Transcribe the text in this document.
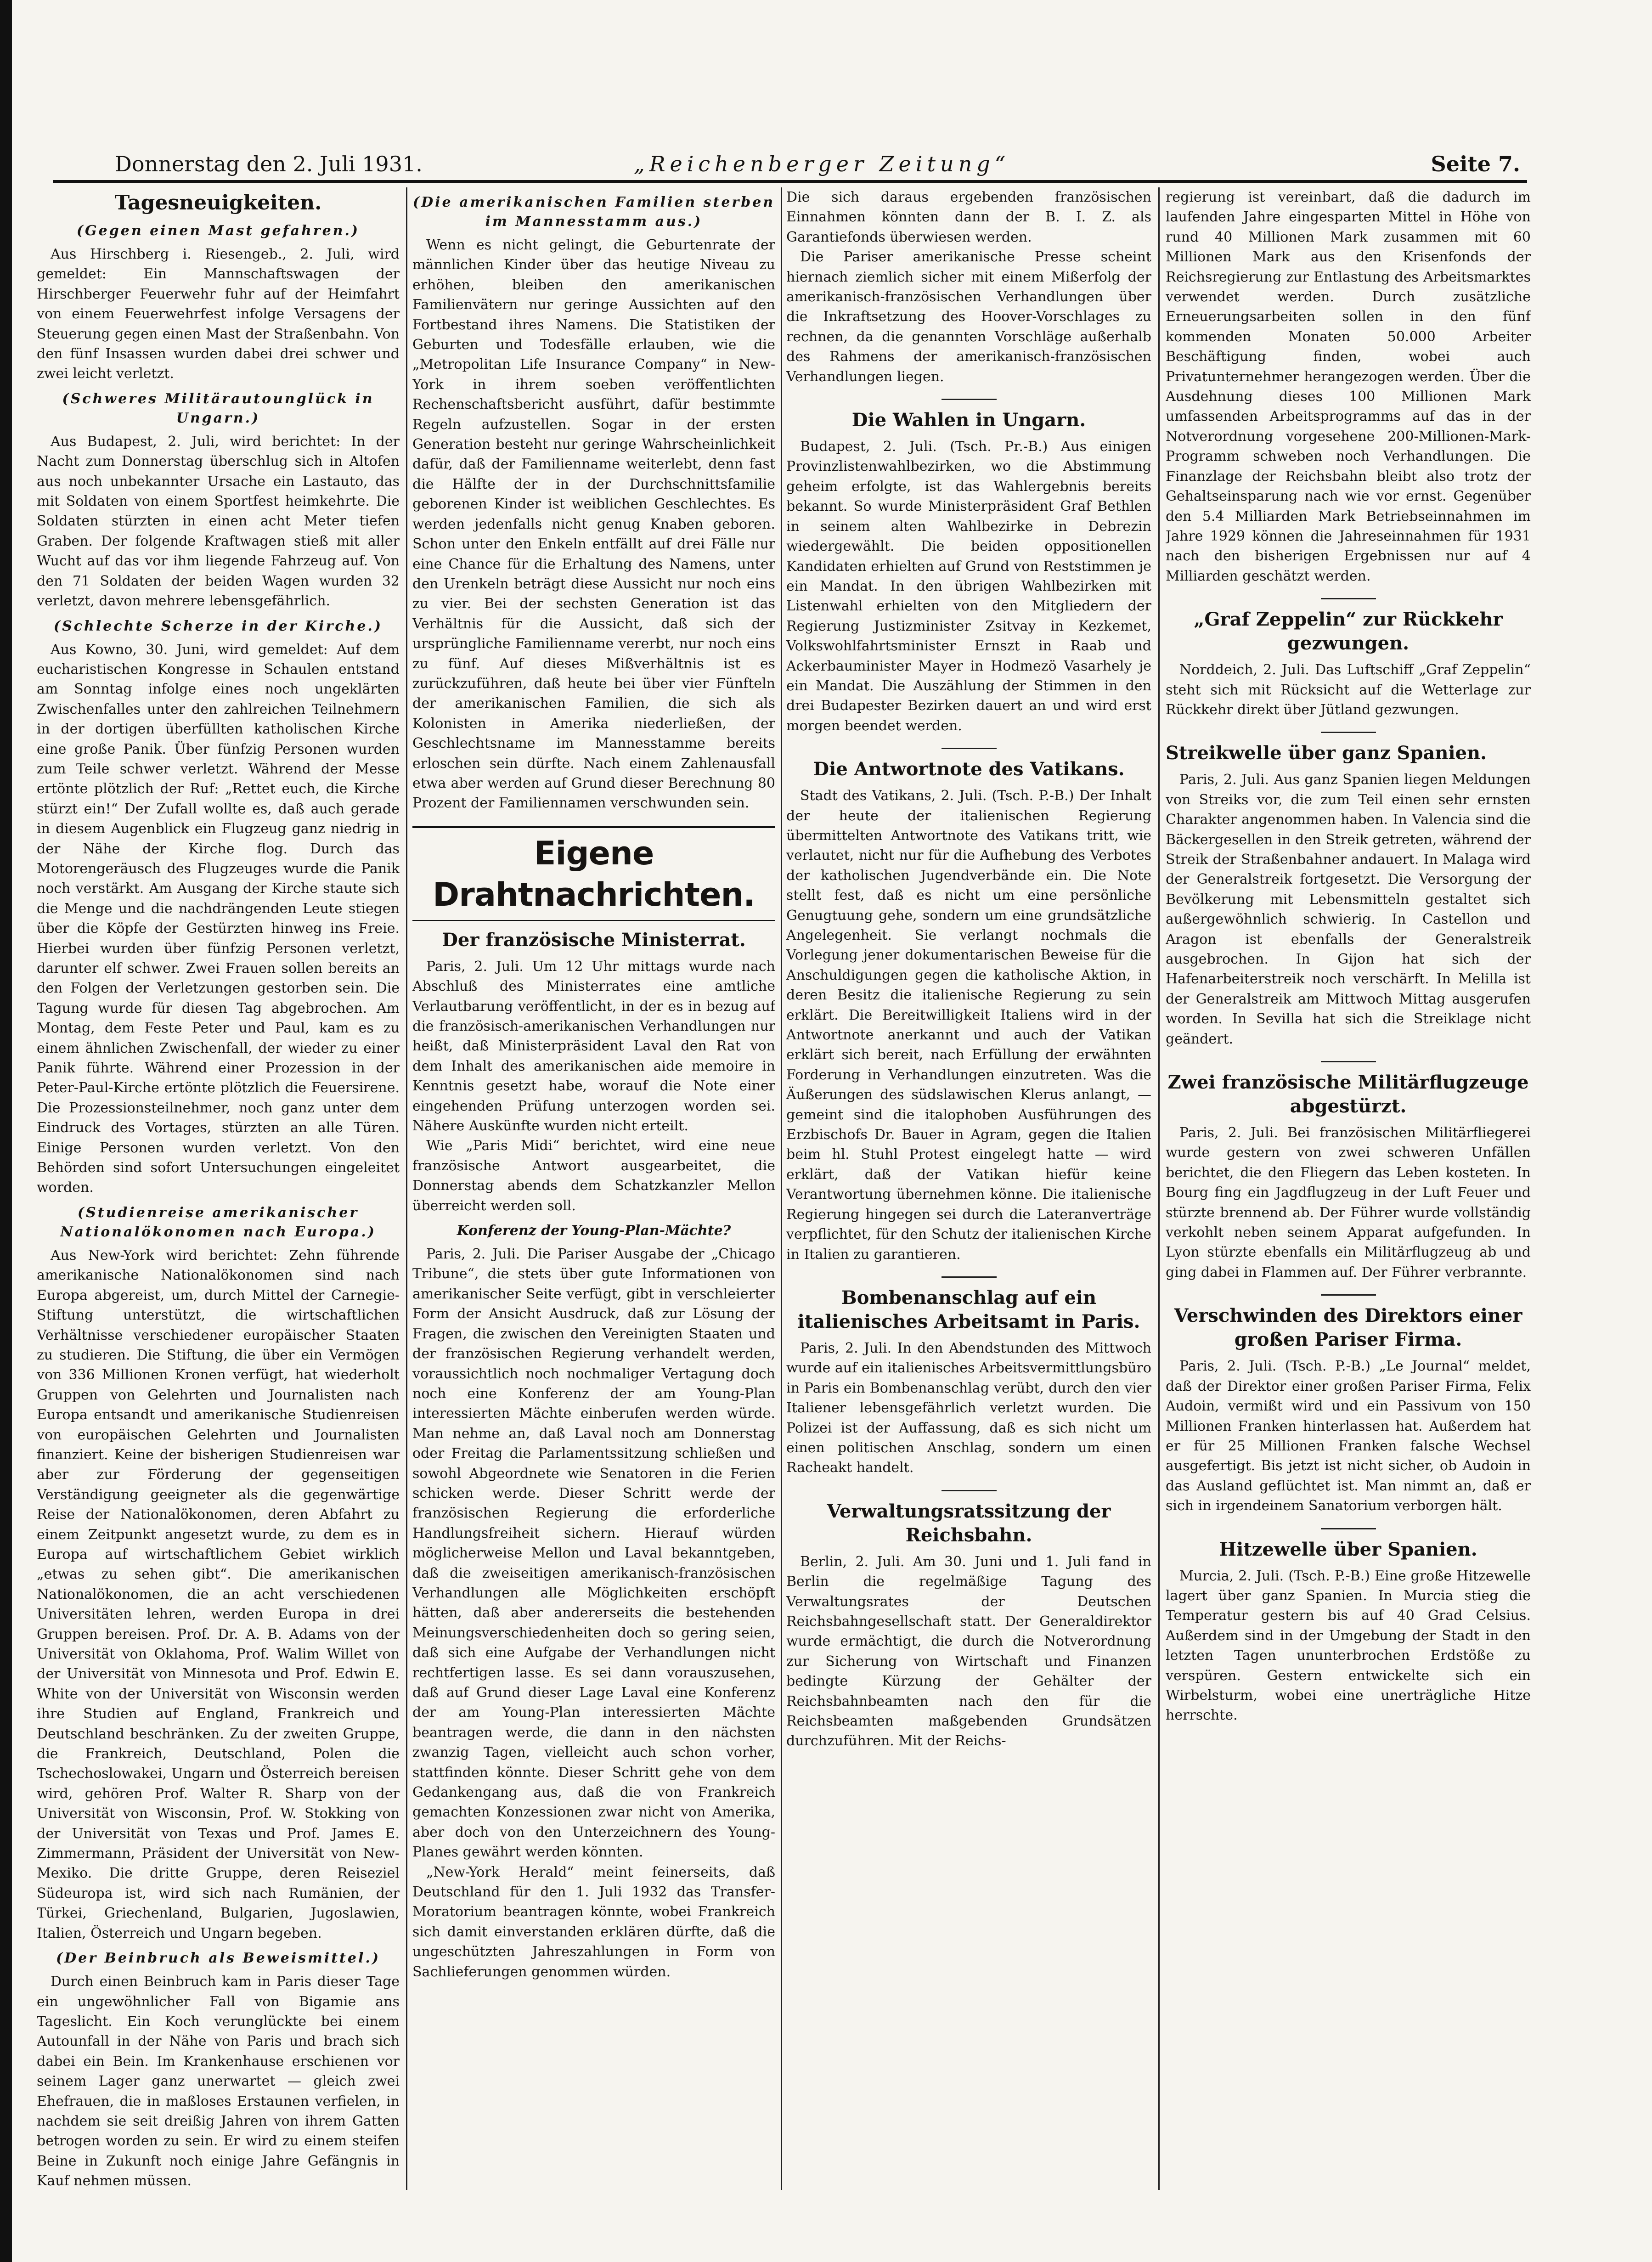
Donnerstag den 2. Juli 1931.	„Reichenberger Zeitung“	Seite 7.
Tagesneuigkeiten.
(Gegen einen Mast gefahren.)

Aus Hirschberg i. Riesengeb., 2. Juli, wird gemeldet: Ein Mannschaftswagen der Hirschberger Feuerwehr fuhr auf der Heimfahrt von einem Feuerwehrfest infolge Versagens der Steuerung gegen einen Mast der Straßenbahn. Von den fünf Insassen wurden dabei drei schwer und zwei leicht verletzt.

(Schweres Militärautounglück in Ungarn.)

Aus Budapest, 2. Juli, wird berichtet: In der Nacht zum Donnerstag überschlug sich in Altofen aus noch unbekannter Ursache ein Lastauto, das mit Soldaten von einem Sportfest heimkehrte. Die Soldaten stürzten in einen acht Meter tiefen Graben. Der folgende Kraftwagen stieß mit aller Wucht auf das vor ihm liegende Fahrzeug auf. Von den 71 Soldaten der beiden Wagen wurden 32 verletzt, davon mehrere lebensgefährlich.

(Schlechte Scherze in der Kirche.)

Aus Kowno, 30. Juni, wird gemeldet: Auf dem eucharistischen Kongresse in Schaulen entstand am Sonntag infolge eines noch ungeklärten Zwischenfalles unter den zahlreichen Teilnehmern in der dortigen überfüllten katholischen Kirche eine große Panik. Über fünfzig Personen wurden zum Teile schwer verletzt. Während der Messe ertönte plötzlich der Ruf: „Rettet euch, die Kirche stürzt ein!“ Der Zufall wollte es, daß auch gerade in diesem Augenblick ein Flugzeug ganz niedrig in der Nähe der Kirche flog. Durch das Motorengeräusch des Flugzeuges wurde die Panik noch verstärkt. Am Ausgang der Kirche staute sich die Menge und die nachdrängenden Leute stiegen über die Köpfe der Gestürzten hinweg ins Freie. Hierbei wurden über fünfzig Personen verletzt, darunter elf schwer. Zwei Frauen sollen bereits an den Folgen der Verletzungen gestorben sein. Die Tagung wurde für diesen Tag abgebrochen. Am Montag, dem Feste Peter und Paul, kam es zu einem ähnlichen Zwischenfall, der wieder zu einer Panik führte. Während einer Prozession in der Peter-Paul-Kirche ertönte plötzlich die Feuersirene. Die Prozessionsteilnehmer, noch ganz unter dem Eindruck des Vortages, stürzten an alle Türen. Einige Personen wurden verletzt. Von den Behörden sind sofort Untersuchungen eingeleitet worden.

(Studienreise amerikanischer Nationalökonomen nach Europa.)

Aus New-York wird berichtet: Zehn führende amerikanische Nationalökonomen sind nach Europa abgereist, um, durch Mittel der Carnegie-Stiftung unterstützt, die wirtschaftlichen Verhältnisse verschiedener europäischer Staaten zu studieren. Die Stiftung, die über ein Vermögen von 336 Millionen Kronen verfügt, hat wiederholt Gruppen von Gelehrten und Journalisten nach Europa entsandt und amerikanische Studienreisen von europäischen Gelehrten und Journalisten finanziert. Keine der bisherigen Studienreisen war aber zur Förderung der gegenseitigen Verständigung geeigneter als die gegenwärtige Reise der Nationalökonomen, deren Abfahrt zu einem Zeitpunkt angesetzt wurde, zu dem es in Europa auf wirtschaftlichem Gebiet wirklich „etwas zu sehen gibt“. Die amerikanischen Nationalökonomen, die an acht verschiedenen Universitäten lehren, werden Europa in drei Gruppen bereisen. Prof. Dr. A. B. Adams von der Universität von Oklahoma, Prof. Walim Willet von der Universität von Minnesota und Prof. Edwin E. White von der Universität von Wisconsin werden ihre Studien auf England, Frankreich und Deutschland beschränken. Zu der zweiten Gruppe, die Frankreich, Deutschland, Polen die Tschechoslowakei, Ungarn und Österreich bereisen wird, gehören Prof. Walter R. Sharp von der Universität von Wisconsin, Prof. W. Stokking von der Universität von Texas und Prof. James E. Zimmermann, Präsident der Universität von New-Mexiko. Die dritte Gruppe, deren Reiseziel Südeuropa ist, wird sich nach Rumänien, der Türkei, Griechenland, Bulgarien, Jugoslawien, Italien, Österreich und Ungarn begeben.

(Der Beinbruch als Beweismittel.)

Durch einen Beinbruch kam in Paris dieser Tage ein ungewöhnlicher Fall von Bigamie ans Tageslicht. Ein Koch verunglückte bei einem Autounfall in der Nähe von Paris und brach sich dabei ein Bein. Im Krankenhause erschienen vor seinem Lager ganz unerwartet — gleich zwei Ehefrauen, die in maßloses Erstaunen verfielen, in nachdem sie seit dreißig Jahren von ihrem Gatten betrogen worden zu sein. Er wird zu einem steifen Beine in Zukunft noch einige Jahre Gefängnis in Kauf nehmen müssen.

(Die amerikanischen Familien sterben im Mannesstamm aus.)

Wenn es nicht gelingt, die Geburtenrate der männlichen Kinder über das heutige Niveau zu erhöhen, bleiben den amerikanischen Familienvätern nur geringe Aussichten auf den Fortbestand ihres Namens. Die Statistiken der Geburten und Todesfälle erlauben, wie die „Metropolitan Life Insurance Company“ in New-York in ihrem soeben veröffentlichten Rechenschaftsbericht ausführt, dafür bestimmte Regeln aufzustellen. Sogar in der ersten Generation besteht nur geringe Wahrscheinlichkeit dafür, daß der Familienname weiterlebt, denn fast die Hälfte der in der Durchschnittsfamilie geborenen Kinder ist weiblichen Geschlechtes. Es werden jedenfalls nicht genug Knaben geboren. Schon unter den Enkeln entfällt auf drei Fälle nur eine Chance für die Erhaltung des Namens, unter den Urenkeln beträgt diese Aussicht nur noch eins zu vier. Bei der sechsten Generation ist das Verhältnis für die Aussicht, daß sich der ursprüngliche Familienname vererbt, nur noch eins zu fünf. Auf dieses Mißverhältnis ist es zurückzuführen, daß heute bei über vier Fünfteln der amerikanischen Familien, die sich als Kolonisten in Amerika niederließen, der Geschlechtsname im Mannesstamme bereits erloschen sein dürfte. Nach einem Zahlenausfall etwa aber werden auf Grund dieser Berechnung 80 Prozent der Familiennamen verschwunden sein.

Eigene Drahtnachrichten.
Der französische Ministerrat.

Paris, 2. Juli. Um 12 Uhr mittags wurde nach Abschluß des Ministerrates eine amtliche Verlautbarung veröffentlicht, in der es in bezug auf die französisch-amerikanischen Verhandlungen nur heißt, daß Ministerpräsident Laval den Rat von dem Inhalt des amerikanischen aide memoire in Kenntnis gesetzt habe, worauf die Note einer eingehenden Prüfung unterzogen worden sei. Nähere Auskünfte wurden nicht erteilt.

Wie „Paris Midi“ berichtet, wird eine neue französische Antwort ausgearbeitet, die Donnerstag abends dem Schatzkanzler Mellon überreicht werden soll.

Konferenz der Young-Plan-Mächte?

Paris, 2. Juli. Die Pariser Ausgabe der „Chicago Tribune“, die stets über gute Informationen von amerikanischer Seite verfügt, gibt in verschleierter Form der Ansicht Ausdruck, daß zur Lösung der Fragen, die zwischen den Vereinigten Staaten und der französischen Regierung verhandelt werden, voraussichtlich noch nochmaliger Vertagung doch noch eine Konferenz der am Young-Plan interessierten Mächte einberufen werden würde. Man nehme an, daß Laval noch am Donnerstag oder Freitag die Parlamentssitzung schließen und sowohl Abgeordnete wie Senatoren in die Ferien schicken werde. Dieser Schritt werde der französischen Regierung die erforderliche Handlungsfreiheit sichern. Hierauf würden möglicherweise Mellon und Laval bekanntgeben, daß die zweiseitigen amerikanisch-französischen Verhandlungen alle Möglichkeiten erschöpft hätten, daß aber andererseits die bestehenden Meinungsverschiedenheiten doch so gering seien, daß sich eine Aufgabe der Verhandlungen nicht rechtfertigen lasse. Es sei dann vorauszusehen, daß auf Grund dieser Lage Laval eine Konferenz der am Young-Plan interessierten Mächte beantragen werde, die dann in den nächsten zwanzig Tagen, vielleicht auch schon vorher, stattfinden könnte. Dieser Schritt gehe von dem Gedankengang aus, daß die von Frankreich gemachten Konzessionen zwar nicht von Amerika, aber doch von den Unterzeichnern des Young-Planes gewährt werden könnten.

„New-York Herald“ meint feinerseits, daß Deutschland für den 1. Juli 1932 das Transfer-Moratorium beantragen könnte, wobei Frankreich sich damit einverstanden erklären dürfte, daß die ungeschützten Jahreszahlungen in Form von Sachlieferungen genommen würden.

Die sich daraus ergebenden französischen Einnahmen könnten dann der B. I. Z. als Garantiefonds überwiesen werden.

Die Pariser amerikanische Presse scheint hiernach ziemlich sicher mit einem Mißerfolg der amerikanisch-französischen Verhandlungen über die Inkraftsetzung des Hoover-Vorschlages zu rechnen, da die genannten Vorschläge außerhalb des Rahmens der amerikanisch-französischen Verhandlungen liegen.

Die Wahlen in Ungarn.

Budapest, 2. Juli. (Tsch. Pr.-B.) Aus einigen Provinzlistenwahlbezirken, wo die Abstimmung geheim erfolgte, ist das Wahlergebnis bereits bekannt. So wurde Ministerpräsident Graf Bethlen in seinem alten Wahlbezirke in Debrezin wiedergewählt. Die beiden oppositionellen Kandidaten erhielten auf Grund von Reststimmen je ein Mandat. In den übrigen Wahlbezirken mit Listenwahl erhielten von den Mitgliedern der Regierung Justizminister Zsitvay in Kezkemet, Volkswohlfahrtsminister Ernszt in Raab und Ackerbauminister Mayer in Hodmezö Vasarhely je ein Mandat. Die Auszählung der Stimmen in den drei Budapester Bezirken dauert an und wird erst morgen beendet werden.

Die Antwortnote des Vatikans.

Stadt des Vatikans, 2. Juli. (Tsch. P.-B.) Der Inhalt der heute der italienischen Regierung übermittelten Antwortnote des Vatikans tritt, wie verlautet, nicht nur für die Aufhebung des Verbotes der katholischen Jugendverbände ein. Die Note stellt fest, daß es nicht um eine persönliche Genugtuung gehe, sondern um eine grundsätzliche Angelegenheit. Sie verlangt nochmals die Vorlegung jener dokumentarischen Beweise für die Anschuldigungen gegen die katholische Aktion, in deren Besitz die italienische Regierung zu sein erklärt. Die Bereitwilligkeit Italiens wird in der Antwortnote anerkannt und auch der Vatikan erklärt sich bereit, nach Erfüllung der erwähnten Forderung in Verhandlungen einzutreten. Was die Äußerungen des südslawischen Klerus anlangt, — gemeint sind die italophoben Ausführungen des Erzbischofs Dr. Bauer in Agram, gegen die Italien beim hl. Stuhl Protest eingelegt hatte — wird erklärt, daß der Vatikan hiefür keine Verantwortung übernehmen könne. Die italienische Regierung hingegen sei durch die Lateranverträge verpflichtet, für den Schutz der italienischen Kirche in Italien zu garantieren.

Bombenanschlag auf ein italienisches Arbeitsamt in Paris.

Paris, 2. Juli. In den Abendstunden des Mittwoch wurde auf ein italienisches Arbeitsvermittlungsbüro in Paris ein Bombenanschlag verübt, durch den vier Italiener lebensgefährlich verletzt wurden. Die Polizei ist der Auffassung, daß es sich nicht um einen politischen Anschlag, sondern um einen Racheakt handelt.

Verwaltungsratssitzung der Reichsbahn.

Berlin, 2. Juli. Am 30. Juni und 1. Juli fand in Berlin die regelmäßige Tagung des Verwaltungsrates der Deutschen Reichsbahngesellschaft statt. Der Generaldirektor wurde ermächtigt, die durch die Notverordnung zur Sicherung von Wirtschaft und Finanzen bedingte Kürzung der Gehälter der Reichsbahnbeamten nach den für die Reichsbeamten maßgebenden Grundsätzen durchzuführen. Mit der Reichs-

regierung ist vereinbart, daß die dadurch im laufenden Jahre eingesparten Mittel in Höhe von rund 40 Millionen Mark zusammen mit 60 Millionen Mark aus den Krisenfonds der Reichsregierung zur Entlastung des Arbeitsmarktes verwendet werden. Durch zusätzliche Erneuerungsarbeiten sollen in den fünf kommenden Monaten 50.000 Arbeiter Beschäftigung finden, wobei auch Privatunternehmer herangezogen werden. Über die Ausdehnung dieses 100 Millionen Mark umfassenden Arbeitsprogramms auf das in der Notverordnung vorgesehene 200-Millionen-Mark-Programm schweben noch Verhandlungen. Die Finanzlage der Reichsbahn bleibt also trotz der Gehaltseinsparung nach wie vor ernst. Gegenüber den 5.4 Milliarden Mark Betriebseinnahmen im Jahre 1929 können die Jahreseinnahmen für 1931 nach den bisherigen Ergebnissen nur auf 4 Milliarden geschätzt werden.

„Graf Zeppelin“ zur Rückkehr gezwungen.

Norddeich, 2. Juli. Das Luftschiff „Graf Zeppelin“ steht sich mit Rücksicht auf die Wetterlage zur Rückkehr direkt über Jütland gezwungen.

Streikwelle über ganz Spanien.

Paris, 2. Juli. Aus ganz Spanien liegen Meldungen von Streiks vor, die zum Teil einen sehr ernsten Charakter angenommen haben. In Valencia sind die Bäckergesellen in den Streik getreten, während der Streik der Straßenbahner andauert. In Malaga wird der Generalstreik fortgesetzt. Die Versorgung der Bevölkerung mit Lebensmitteln gestaltet sich außergewöhnlich schwierig. In Castellon und Aragon ist ebenfalls der Generalstreik ausgebrochen. In Gijon hat sich der Hafenarbeiterstreik noch verschärft. In Melilla ist der Generalstreik am Mittwoch Mittag ausgerufen worden. In Sevilla hat sich die Streiklage nicht geändert.

Zwei französische Militärflugzeuge abgestürzt.

Paris, 2. Juli. Bei französischen Militärfliegerei wurde gestern von zwei schweren Unfällen berichtet, die den Fliegern das Leben kosteten. In Bourg fing ein Jagdflugzeug in der Luft Feuer und stürzte brennend ab. Der Führer wurde vollständig verkohlt neben seinem Apparat aufgefunden. In Lyon stürzte ebenfalls ein Militärflugzeug ab und ging dabei in Flammen auf. Der Führer verbrannte.

Verschwinden des Direktors einer großen Pariser Firma.

Paris, 2. Juli. (Tsch. P.-B.) „Le Journal“ meldet, daß der Direktor einer großen Pariser Firma, Felix Audoin, vermißt wird und ein Passivum von 150 Millionen Franken hinterlassen hat. Außerdem hat er für 25 Millionen Franken falsche Wechsel ausgefertigt. Bis jetzt ist nicht sicher, ob Audoin in das Ausland geflüchtet ist. Man nimmt an, daß er sich in irgendeinem Sanatorium verborgen hält.

Hitzewelle über Spanien.

Murcia, 2. Juli. (Tsch. P.-B.) Eine große Hitzewelle lagert über ganz Spanien. In Murcia stieg die Temperatur gestern bis auf 40 Grad Celsius. Außerdem sind in der Umgebung der Stadt in den letzten Tagen ununterbrochen Erdstöße zu verspüren. Gestern entwickelte sich ein Wirbelsturm, wobei eine unerträgliche Hitze herrschte.
